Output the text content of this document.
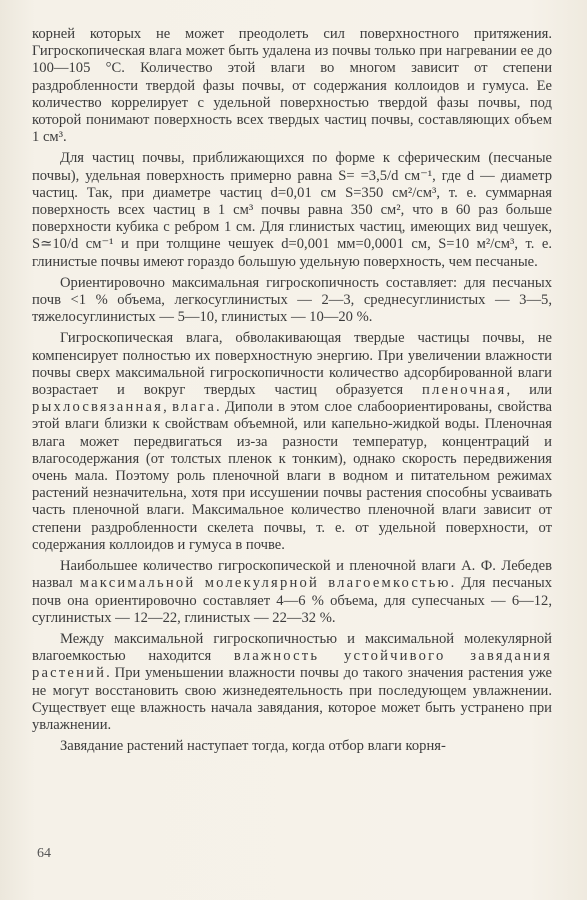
корней которых не может преодолеть сил поверхностного притяжения. Гигроскопическая влага может быть удалена из почвы только при нагревании ее до 100—105 °С. Количество этой влаги во многом зависит от степени раздробленности твердой фазы почвы, от содержания коллоидов и гумуса. Ее количество коррелирует с удельной поверхностью твердой фазы почвы, под которой понимают поверхность всех твердых частиц почвы, составляющих объем 1 см³.

Для частиц почвы, приближающихся по форме к сферическим (песчаные почвы), удельная поверхность примерно равна S= =3,5/d см⁻¹, где d — диаметр частиц. Так, при диаметре частиц d=0,01 см S=350 см²/см³, т. е. суммарная поверхность всех частиц в 1 см³ почвы равна 350 см², что в 60 раз больше поверхности кубика с ребром 1 см. Для глинистых частиц, имеющих вид чешуек, S≃10/d см⁻¹ и при толщине чешуек d=0,001 мм=0,0001 см, S=10 м²/см³, т. е. глинистые почвы имеют гораздо большую удельную поверхность, чем песчаные.

Ориентировочно максимальная гигроскопичность составляет: для песчаных почв <1 % объема, легкосуглинистых — 2—3, среднесуглинистых — 3—5, тяжелосуглинистых — 5—10, глинистых — 10—20 %.

Гигроскопическая влага, обволакивающая твердые частицы почвы, не компенсирует полностью их поверхностную энергию. При увеличении влажности почвы сверх максимальной гигроскопичности количество адсорбированной влаги возрастает и вокруг твердых частиц образуется пленочная, или рыхлосвязанная, влага. Диполи в этом слое слабоориентированы, свойства этой влаги близки к свойствам объемной, или капельно-жидкой воды. Пленочная влага может передвигаться из-за разности температур, концентраций и влагосодержания (от толстых пленок к тонким), однако скорость передвижения очень мала. Поэтому роль пленочной влаги в водном и питательном режимах растений незначительна, хотя при иссушении почвы растения способны усваивать часть пленочной влаги. Максимальное количество пленочной влаги зависит от степени раздробленности скелета почвы, т. е. от удельной поверхности, от содержания коллоидов и гумуса в почве.

Наибольшее количество гигроскопической и пленочной влаги А. Ф. Лебедев назвал максимальной молекулярной влагоемкостью. Для песчаных почв она ориентировочно составляет 4—6 % объема, для супесчаных — 6—12, суглинистых — 12—22, глинистых — 22—32 %.

Между максимальной гигроскопичностью и максимальной молекулярной влагоемкостью находится влажность устойчивого завядания растений. При уменьшении влажности почвы до такого значения растения уже не могут восстановить свою жизнедеятельность при последующем увлажнении. Существует еще влажность начала завядания, которое может быть устранено при увлажнении.

Завядание растений наступает тогда, когда отбор влаги корня-

64
